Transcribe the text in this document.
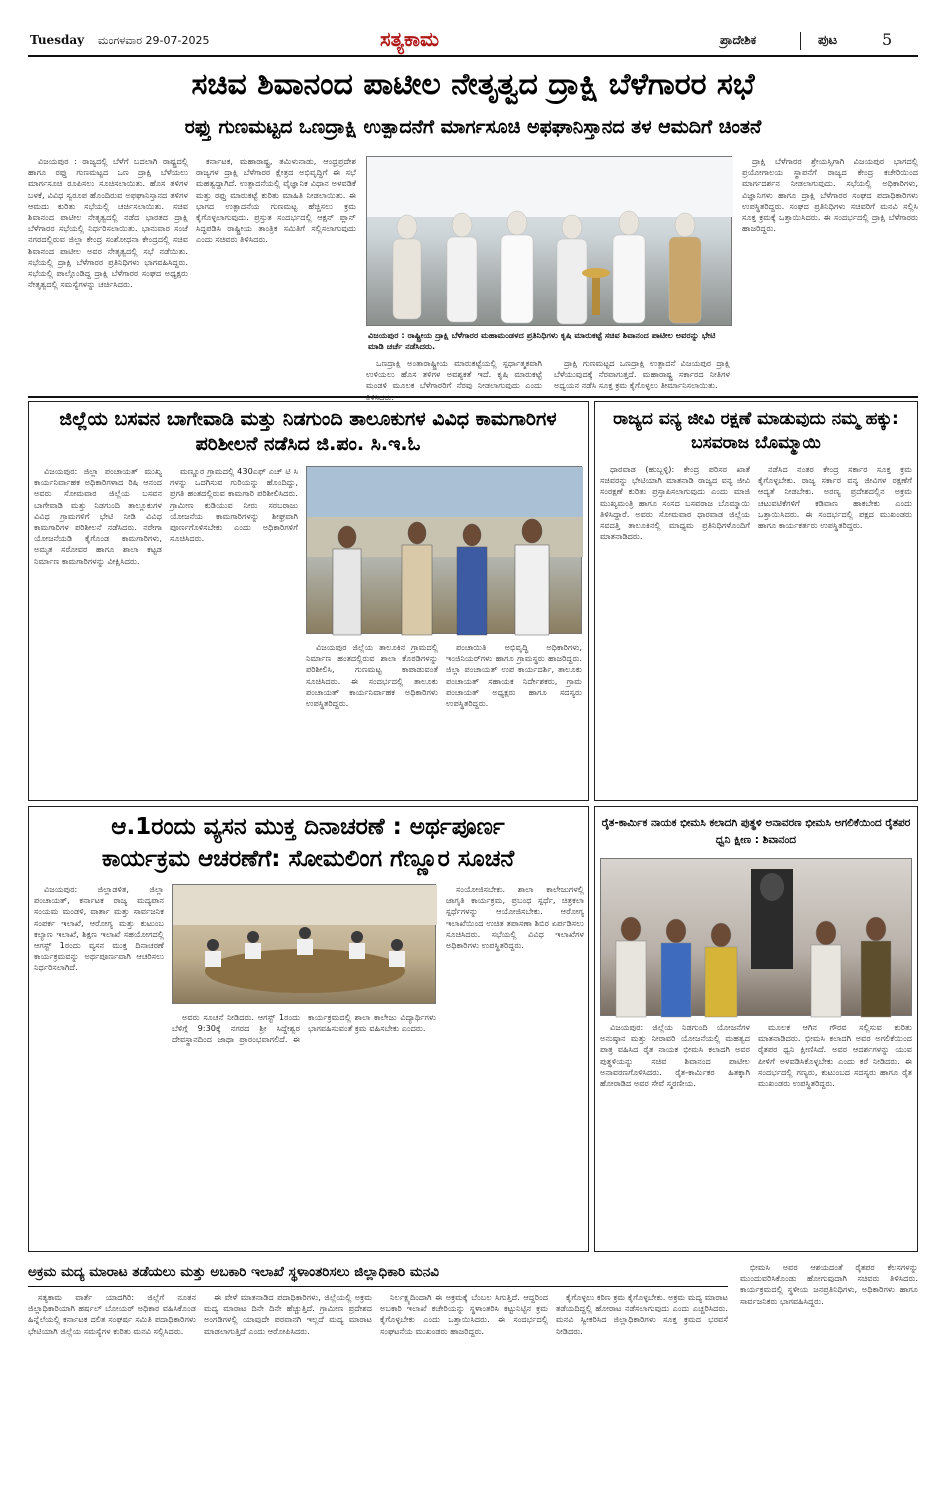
Tuesday ಮಂಗಳವಾರ 29-07-2025	ಸತ್ಯಕಾಮ	ಪ್ರಾದೇಶಿಕ	ಪುಟ	5
ಸಚಿವ ಶಿವಾನಂದ ಪಾಟೀಲ ನೇತೃತ್ವದ ದ್ರಾಕ್ಷಿ ಬೆಳೆಗಾರರ ಸಭೆ
ರಫ್ತು ಗುಣಮಟ್ಟದ ಒಣದ್ರಾಕ್ಷಿ ಉತ್ಪಾದನೆಗೆ ಮಾರ್ಗಸೂಚಿ ಅಫಘಾನಿಸ್ತಾನದ ತಳ ಆಮದಿಗೆ ಚಿಂತನೆ

ವಿಜಯಪುರ : ರಾಜ್ಯದಲ್ಲಿ ಬೆಳೆಗೆ ಬದಲಾಗಿ ರಾಷ್ಟ್ರದಲ್ಲಿ ಹಾಗೂ ರಫ್ತು ಗುಣಮಟ್ಟದ ಒಣ ದ್ರಾಕ್ಷಿ ಬೆಳೆಯಲು ಮಾರ್ಗಸೂಚಿ ರೂಪಿಸಲು ಸೂಚಿಸಲಾಯಿತು. ಹೊಸ ತಳಿಗಳ ಬಳಕೆ, ವಿವಿಧ ಸ್ವರೂಪ ಹೊಂದಿರುವ ಅಫಘಾನಿಸ್ತಾನದ ತಳಿಗಳ ಆಮದು ಕುರಿತು ಸಭೆಯಲ್ಲಿ ಚರ್ಚಿಸಲಾಯಿತು. ಸಚಿವ ಶಿವಾನಂದ ಪಾಟೀಲ ನೇತೃತ್ವದಲ್ಲಿ ನಡೆದ ಭಾರತದ ದ್ರಾಕ್ಷಿ ಬೆಳೆಗಾರರ ಸಭೆಯಲ್ಲಿ ನಿರ್ಧರಿಸಲಾಯಿತು. ಭಾನುವಾರ ಸಂಜೆ ನಗರದಲ್ಲಿರುವ ಜಿಲ್ಲಾ ಕೇಂದ್ರ ಸಂಶೋಧನಾ ಕೇಂದ್ರದಲ್ಲಿ ಸಚಿವ ಶಿವಾನಂದ ಪಾಟೀಲ ಅವರ ನೇತೃತ್ವದಲ್ಲಿ ಸಭೆ ನಡೆಯಿತು. ಸಭೆಯಲ್ಲಿ ದ್ರಾಕ್ಷಿ ಬೆಳೆಗಾರರ ಪ್ರತಿನಿಧಿಗಳು ಭಾಗವಹಿಸಿದ್ದರು. ಸಭೆಯಲ್ಲಿ ಪಾಲ್ಗೊಂಡಿದ್ದ ದ್ರಾಕ್ಷಿ ಬೆಳೆಗಾರರ ಸಂಘದ ಅಧ್ಯಕ್ಷರು ನೇತೃತ್ವದಲ್ಲಿ ಸಮಸ್ಯೆಗಳನ್ನು ಚರ್ಚಿಸಿದರು.

ಕರ್ನಾಟಕ, ಮಹಾರಾಷ್ಟ್ರ, ತಮಿಳುನಾಡು, ಆಂಧ್ರಪ್ರದೇಶ ರಾಜ್ಯಗಳ ದ್ರಾಕ್ಷಿ ಬೆಳೆಗಾರರ ಕ್ಷೇತ್ರದ ಅಭಿವೃದ್ಧಿಗೆ ಈ ಸಭೆ ಮಹತ್ವದ್ದಾಗಿದೆ. ಉತ್ಪಾದನೆಯಲ್ಲಿ ವೈಜ್ಞಾನಿಕ ವಿಧಾನ ಅಳವಡಿಕೆ ಮತ್ತು ರಫ್ತು ಮಾರುಕಟ್ಟೆ ಕುರಿತು ಮಾಹಿತಿ ನೀಡಲಾಯಿತು. ಈ ಭಾಗದ ಉತ್ಪಾದನೆಯ ಗುಣಮಟ್ಟ ಹೆಚ್ಚಿಸಲು ಕ್ರಮ ಕೈಗೊಳ್ಳಲಾಗುವುದು. ಪ್ರಸ್ತುತ ಸಂದರ್ಭದಲ್ಲಿ ಆಕ್ಷನ್ ಪ್ಲಾನ್ ಸಿದ್ಧಪಡಿಸಿ ರಾಷ್ಟ್ರೀಯ ತಾಂತ್ರಿಕ ಸಮಿತಿಗೆ ಸಲ್ಲಿಸಲಾಗುವುದು ಎಂದು ಸಚಿವರು ತಿಳಿಸಿದರು.

ವಿಜಯಪುರ : ರಾಷ್ಟ್ರೀಯ ದ್ರಾಕ್ಷಿ ಬೆಳೆಗಾರರ ಮಹಾಮಂಡಳದ ಪ್ರತಿನಿಧಿಗಳು ಕೃಷಿ ಮಾರುಕಟ್ಟೆ ಸಚಿವ ಶಿವಾನಂದ ಪಾಟೀಲ ಅವರನ್ನು ಭೇಟಿ ಮಾಡಿ ಚರ್ಚೆ ನಡೆಸಿದರು.

ಒಣದ್ರಾಕ್ಷಿ ಅಂತಾರಾಷ್ಟ್ರೀಯ ಮಾರುಕಟ್ಟೆಯಲ್ಲಿ ಸ್ಪರ್ಧಾತ್ಮಕವಾಗಿ ಉಳಿಯಲು ಹೊಸ ತಳಿಗಳ ಅವಶ್ಯಕತೆ ಇದೆ. ಕೃಷಿ ಮಾರುಕಟ್ಟೆ ಮಂಡಳಿ ಮೂಲಕ ಬೆಳೆಗಾರರಿಗೆ ನೆರವು ನೀಡಲಾಗುವುದು ಎಂದು

ದ್ರಾಕ್ಷಿ ಗುಣಮಟ್ಟದ ಒಣದ್ರಾಕ್ಷಿ ಉತ್ಪಾದನೆ ವಿಜಯಪುರ ದ್ರಾಕ್ಷಿ ಬೆಳೆಯುವುದಕ್ಕೆ ನೆರವಾಗುತ್ತದೆ. ಮಹಾರಾಷ್ಟ್ರ ಸರ್ಕಾರದ ನೀತಿಗಳ ಅಧ್ಯಯನ ನಡೆಸಿ ಸೂಕ್ತ ಕ್ರಮ ಕೈಗೊಳ್ಳಲು ತೀರ್ಮಾನಿಸಲಾಯಿತು.

ದ್ರಾಕ್ಷಿ ಬೆಳೆಗಾರರ ಶ್ರೇಯಸ್ಸಿಗಾಗಿ ವಿಜಯಪುರ ಭಾಗದಲ್ಲಿ ಪ್ರಯೋಗಾಲಯ ಸ್ಥಾಪನೆಗೆ ರಾಜ್ಯದ ಕೇಂದ್ರ ಕಚೇರಿಯಿಂದ ಮಾರ್ಗದರ್ಶನ ನೀಡಲಾಗುವುದು. ಸಭೆಯಲ್ಲಿ ಅಧಿಕಾರಿಗಳು, ವಿಜ್ಞಾನಿಗಳು ಹಾಗೂ ದ್ರಾಕ್ಷಿ ಬೆಳೆಗಾರರ ಸಂಘದ ಪದಾಧಿಕಾರಿಗಳು ಉಪಸ್ಥಿತರಿದ್ದರು. ಸಂಘದ ಪ್ರತಿನಿಧಿಗಳು ಸಚಿವರಿಗೆ ಮನವಿ ಸಲ್ಲಿಸಿ ಸೂಕ್ತ ಕ್ರಮಕ್ಕೆ ಒತ್ತಾಯಿಸಿದರು. ಈ ಸಂದರ್ಭದಲ್ಲಿ ದ್ರಾಕ್ಷಿ ಬೆಳೆಗಾರರು ಹಾಜರಿದ್ದರು.

ಜಿಲ್ಲೆಯ ಬಸವನ ಬಾಗೇವಾಡಿ ಮತ್ತು ನಿಡಗುಂದಿ ತಾಲೂಕುಗಳ ವಿವಿಧ ಕಾಮಗಾರಿಗಳ ಪರಿಶೀಲನೆ ನಡೆಸಿದ ಜಿ.ಪಂ. ಸಿ.ಇ.ಓ

ವಿಜಯಪುರ: ಜಿಲ್ಲಾ ಪಂಚಾಯತ್ ಮುಖ್ಯ ಕಾರ್ಯನಿರ್ವಾಹಕ ಅಧಿಕಾರಿಗಳಾದ ರಿಷಿ ಆನಂದ ಅವರು ಸೋಮವಾರ ಜಿಲ್ಲೆಯ ಬಸವನ ಬಾಗೇವಾಡಿ ಮತ್ತು ನಿಡಗುಂದಿ ತಾಲ್ಲೂಕುಗಳ ವಿವಿಧ ಗ್ರಾಮಗಳಿಗೆ ಭೇಟಿ ನೀಡಿ ವಿವಿಧ ಕಾಮಗಾರಿಗಳ ಪರಿಶೀಲನೆ ನಡೆಸಿದರು. ನರೇಗಾ ಯೋಜನೆಯಡಿ ಕೈಗೊಂಡ ಕಾಮಗಾರಿಗಳು, ಅಮೃತ ಸರೋವರ ಹಾಗೂ ಶಾಲಾ ಕಟ್ಟಡ ನಿರ್ಮಾಣ ಕಾಮಗಾರಿಗಳನ್ನು ವೀಕ್ಷಿಸಿದರು.

ಮಣ್ಣೂರ ಗ್ರಾಮದಲ್ಲಿ 430ಎಫ್ ಎಚ್ ಟಿ ಸಿ ಗಳನ್ನು ಒದಗಿಸುವ ಗುರಿಯನ್ನು ಹೊಂದಿದ್ದು, ಪ್ರಗತಿ ಹಂತದಲ್ಲಿರುವ ಕಾಮಗಾರಿ ಪರಿಶೀಲಿಸಿದರು. ಗ್ರಾಮೀಣ ಕುಡಿಯುವ ನೀರು ಸರಬರಾಜು ಯೋಜನೆಯ ಕಾಮಗಾರಿಗಳನ್ನು ಶೀಘ್ರವಾಗಿ ಪೂರ್ಣಗೊಳಿಸಬೇಕು ಎಂದು ಅಧಿಕಾರಿಗಳಿಗೆ ಸೂಚಿಸಿದರು.

ವಿಜಯಪುರ ಜಿಲ್ಲೆಯ ತಾಲೂಕಿನ ಗ್ರಾಮದಲ್ಲಿ ನಿರ್ಮಾಣ ಹಂತದಲ್ಲಿರುವ ಶಾಲಾ ಕೊಠಡಿಗಳನ್ನು ಪರಿಶೀಲಿಸಿ, ಗುಣಮಟ್ಟ ಕಾಪಾಡುವಂತೆ ಸೂಚಿಸಿದರು. ಈ ಸಂದರ್ಭದಲ್ಲಿ ತಾಲೂಕು ಪಂಚಾಯತ್ ಕಾರ್ಯನಿರ್ವಾಹಕ ಅಧಿಕಾರಿಗಳು ಉಪಸ್ಥಿತರಿದ್ದರು.

ಪಂಚಾಯಿತಿ ಅಭಿವೃದ್ಧಿ ಅಧಿಕಾರಿಗಳು, ಇಂಜಿನಿಯರ್‌ಗಳು ಹಾಗೂ ಗ್ರಾಮಸ್ಥರು ಹಾಜರಿದ್ದರು. ಜಿಲ್ಲಾ ಪಂಚಾಯತ್ ಉಪ ಕಾರ್ಯದರ್ಶಿ, ತಾಲೂಕು ಪಂಚಾಯತ್ ಸಹಾಯಕ ನಿರ್ದೇಶಕರು, ಗ್ರಾಮ ಪಂಚಾಯತ್ ಅಧ್ಯಕ್ಷರು ಹಾಗೂ ಸದಸ್ಯರು ಉಪಸ್ಥಿತರಿದ್ದರು.

ರಾಜ್ಯದ ವನ್ಯ ಜೀವಿ ರಕ್ಷಣೆ ಮಾಡುವುದು ನಮ್ಮ ಹಕ್ಕು: ಬಸವರಾಜ ಬೊಮ್ಮಾಯಿ

ಧಾರವಾಡ (ಹುಬ್ಬಳ್ಳಿ): ಕೇಂದ್ರ ಪರಿಸರ ಖಾತೆ ಸಚಿವರನ್ನು ಭೇಟಿಯಾಗಿ ಮಾತನಾಡಿ ರಾಜ್ಯದ ವನ್ಯ ಜೀವಿ ಸಂರಕ್ಷಣೆ ಕುರಿತು ಪ್ರಸ್ತಾಪಿಸಲಾಗುವುದು ಎಂದು ಮಾಜಿ ಮುಖ್ಯಮಂತ್ರಿ ಹಾಗೂ ಸಂಸದ ಬಸವರಾಜ ಬೊಮ್ಮಾಯಿ ತಿಳಿಸಿದ್ದಾರೆ. ಅವರು ಸೋಮವಾರ ಧಾರವಾಡ ಜಿಲ್ಲೆಯ ಸವದತ್ತಿ ತಾಲೂಕಿನಲ್ಲಿ ಮಾಧ್ಯಮ ಪ್ರತಿನಿಧಿಗಳೊಂದಿಗೆ ಮಾತನಾಡಿದರು.

ನಡೆಸಿದ ನಂತರ ಕೇಂದ್ರ ಸರ್ಕಾರ ಸೂಕ್ತ ಕ್ರಮ ಕೈಗೊಳ್ಳಬೇಕು. ರಾಜ್ಯ ಸರ್ಕಾರ ವನ್ಯ ಜೀವಿಗಳ ರಕ್ಷಣೆಗೆ ಆದ್ಯತೆ ನೀಡಬೇಕು. ಅರಣ್ಯ ಪ್ರದೇಶದಲ್ಲಿನ ಅಕ್ರಮ ಚಟುವಟಿಕೆಗಳಿಗೆ ಕಡಿವಾಣ ಹಾಕಬೇಕು ಎಂದು ಒತ್ತಾಯಿಸಿದರು. ಈ ಸಂದರ್ಭದಲ್ಲಿ ಪಕ್ಷದ ಮುಖಂಡರು ಹಾಗೂ ಕಾರ್ಯಕರ್ತರು ಉಪಸ್ಥಿತರಿದ್ದರು.

ಆ.1ರಂದು ವ್ಯಸನ ಮುಕ್ತ ದಿನಾಚರಣೆ : ಅರ್ಥಪೂರ್ಣ
ಕಾರ್ಯಕ್ರಮ ಆಚರಣೆಗೆ: ಸೋಮಲಿಂಗ ಗೆಣ್ಣೂರ ಸೂಚನೆ

ವಿಜಯಪುರ: ಜಿಲ್ಲಾಡಳಿತ, ಜಿಲ್ಲಾ ಪಂಚಾಯತ್, ಕರ್ನಾಟಕ ರಾಜ್ಯ ಮದ್ಯಪಾನ ಸಂಯಮ ಮಂಡಳಿ, ವಾರ್ತಾ ಮತ್ತು ಸಾರ್ವಜನಿಕ ಸಂಪರ್ಕ ಇಲಾಖೆ, ಆರೋಗ್ಯ ಮತ್ತು ಕುಟುಂಬ ಕಲ್ಯಾಣ ಇಲಾಖೆ, ಶಿಕ್ಷಣ ಇಲಾಖೆ ಸಹಯೋಗದಲ್ಲಿ ಆಗಸ್ಟ್ 1ರಂದು ವ್ಯಸನ ಮುಕ್ತ ದಿನಾಚರಣೆ ಕಾರ್ಯಕ್ರಮವನ್ನು ಅರ್ಥಪೂರ್ಣವಾಗಿ ಆಚರಿಸಲು ನಿರ್ಧರಿಸಲಾಗಿದೆ.

ಸಂಯೋಜಿಸಬೇಕು. ಶಾಲಾ ಕಾಲೇಜುಗಳಲ್ಲಿ ಜಾಗೃತಿ ಕಾರ್ಯಕ್ರಮ, ಪ್ರಬಂಧ ಸ್ಪರ್ಧೆ, ಚಿತ್ರಕಲಾ ಸ್ಪರ್ಧೆಗಳನ್ನು ಆಯೋಜಿಸಬೇಕು. ಆರೋಗ್ಯ ಇಲಾಖೆಯಿಂದ ಉಚಿತ ತಪಾಸಣಾ ಶಿಬಿರ ಏರ್ಪಡಿಸಲು ಸೂಚಿಸಿದರು. ಸಭೆಯಲ್ಲಿ ವಿವಿಧ ಇಲಾಖೆಗಳ ಅಧಿಕಾರಿಗಳು ಉಪಸ್ಥಿತರಿದ್ದರು.

ಅವರು ಸೂಚನೆ ನೀಡಿದರು. ಆಗಸ್ಟ್ 1ರಂದು ಬೆಳಿಗ್ಗೆ 9:30ಕ್ಕೆ ನಗರದ ಶ್ರೀ ಸಿದ್ದೇಶ್ವರ ದೇವಸ್ಥಾನದಿಂದ ಜಾಥಾ ಪ್ರಾರಂಭವಾಗಲಿದೆ. ಈ ಕಾರ್ಯಕ್ರಮದಲ್ಲಿ ಶಾಲಾ ಕಾಲೇಜು ವಿದ್ಯಾರ್ಥಿಗಳು ಭಾಗವಹಿಸುವಂತೆ ಕ್ರಮ ವಹಿಸಬೇಕು ಎಂದರು.

ರೈತ-ಕಾರ್ಮಿಕ ನಾಯಕ ಭೀಮಸಿ ಕಲಾದಗಿ ಪುತ್ಥಳಿ ಅನಾವರಣ ಭೀಮಸಿ ಅಗಲಿಕೆಯಿಂದ ರೈತಪರ ಧ್ವನಿ ಕ್ಷೀಣ : ಶಿವಾನಂದ

ವಿಜಯಪುರ: ಜಿಲ್ಲೆಯ ನಿಡಗುಂದಿ ಯೋಜನೆಗಳ ಅನುಷ್ಠಾನ ಮತ್ತು ನೀರಾವರಿ ಯೋಜನೆಯಲ್ಲಿ ಮಹತ್ವದ ಪಾತ್ರ ವಹಿಸಿದ ರೈತ ನಾಯಕ ಭೀಮಸಿ ಕಲಾದಗಿ ಅವರ ಪುತ್ಥಳಿಯನ್ನು ಸಚಿವ ಶಿವಾನಂದ ಪಾಟೀಲ ಅನಾವರಣಗೊಳಿಸಿದರು. ರೈತ-ಕಾರ್ಮಿಕರ ಹಿತಕ್ಕಾಗಿ ಹೋರಾಡಿದ ಅವರ ಸೇವೆ ಸ್ಮರಣೀಯ.

ಮೂಲಕ ಆಗಿನ ಗೌರವ ಸಲ್ಲಿಸುವ ಕುರಿತು ಮಾತನಾಡಿದರು. ಭೀಮಸಿ ಕಲಾದಗಿ ಅವರ ಅಗಲಿಕೆಯಿಂದ ರೈತಪರ ಧ್ವನಿ ಕ್ಷೀಣಿಸಿದೆ. ಅವರ ಆದರ್ಶಗಳನ್ನು ಯುವ ಪೀಳಿಗೆ ಅಳವಡಿಸಿಕೊಳ್ಳಬೇಕು ಎಂದು ಕರೆ ನೀಡಿದರು. ಈ ಸಂದರ್ಭದಲ್ಲಿ ಗಣ್ಯರು, ಕುಟುಂಬದ ಸದಸ್ಯರು ಹಾಗೂ ರೈತ ಮುಖಂಡರು ಉಪಸ್ಥಿತರಿದ್ದರು.

ಅಕ್ರಮ ಮದ್ಯ ಮಾರಾಟ ತಡೆಯಲು ಮತ್ತು ಅಬಕಾರಿ ಇಲಾಖೆ ಸ್ಥಳಾಂತರಿಸಲು ಜಿಲ್ಲಾಧಿಕಾರಿ ಮನವಿ

ಸತ್ಯಕಾಮ ವಾರ್ತೆ ಯಾದಗಿರಿ: ಜಿಲ್ಲೆಗೆ ನೂತನ ಜಿಲ್ಲಾಧಿಕಾರಿಯಾಗಿ ಹರ್ಷಲ್ ಬೋಯರ್ ಅಧಿಕಾರ ವಹಿಸಿಕೊಂಡ ಹಿನ್ನೆಲೆಯಲ್ಲಿ ಕರ್ನಾಟಕ ದಲಿತ ಸಂಘರ್ಷ ಸಮಿತಿ ಪದಾಧಿಕಾರಿಗಳು ಭೇಟಿಯಾಗಿ ಜಿಲ್ಲೆಯ ಸಮಸ್ಯೆಗಳ ಕುರಿತು ಮನವಿ ಸಲ್ಲಿಸಿದರು.

ಈ ವೇಳೆ ಮಾತನಾಡಿದ ಪದಾಧಿಕಾರಿಗಳು, ಜಿಲ್ಲೆಯಲ್ಲಿ ಅಕ್ರಮ ಮದ್ಯ ಮಾರಾಟ ದಿನೇ ದಿನೇ ಹೆಚ್ಚುತ್ತಿದೆ. ಗ್ರಾಮೀಣ ಪ್ರದೇಶದ ಅಂಗಡಿಗಳಲ್ಲಿ ಯಾವುದೇ ಪರವಾನಗಿ ಇಲ್ಲದೆ ಮದ್ಯ ಮಾರಾಟ ಮಾಡಲಾಗುತ್ತಿದೆ ಎಂದು ಆರೋಪಿಸಿದರು.

ನಿರ್ಲಕ್ಷ್ಯದಿಂದಾಗಿ ಈ ಅಕ್ರಮಕ್ಕೆ ಬೆಂಬಲ ಸಿಗುತ್ತಿದೆ. ಆದ್ದರಿಂದ ಅಬಕಾರಿ ಇಲಾಖೆ ಕಚೇರಿಯನ್ನು ಸ್ಥಳಾಂತರಿಸಿ ಕಟ್ಟುನಿಟ್ಟಿನ ಕ್ರಮ ಕೈಗೊಳ್ಳಬೇಕು ಎಂದು ಒತ್ತಾಯಿಸಿದರು. ಈ ಸಂದರ್ಭದಲ್ಲಿ ಸಂಘಟನೆಯ ಮುಖಂಡರು ಹಾಜರಿದ್ದರು.

ಕೈಗೊಳ್ಳಲು ಕಠಿಣ ಕ್ರಮ ಕೈಗೊಳ್ಳಬೇಕು. ಅಕ್ರಮ ಮದ್ಯ ಮಾರಾಟ ತಡೆಯದಿದ್ದಲ್ಲಿ ಹೋರಾಟ ನಡೆಸಲಾಗುವುದು ಎಂದು ಎಚ್ಚರಿಸಿದರು. ಮನವಿ ಸ್ವೀಕರಿಸಿದ ಜಿಲ್ಲಾಧಿಕಾರಿಗಳು ಸೂಕ್ತ ಕ್ರಮದ ಭರವಸೆ ನೀಡಿದರು.

ಭೀಮಸಿ ಅವರ ಆಶಯದಂತೆ ರೈತಪರ ಕೆಲಸಗಳನ್ನು ಮುಂದುವರಿಸಿಕೊಂಡು ಹೋಗುವುದಾಗಿ ಸಚಿವರು ತಿಳಿಸಿದರು. ಕಾರ್ಯಕ್ರಮದಲ್ಲಿ ಸ್ಥಳೀಯ ಜನಪ್ರತಿನಿಧಿಗಳು, ಅಧಿಕಾರಿಗಳು ಹಾಗೂ ಸಾರ್ವಜನಿಕರು ಭಾಗವಹಿಸಿದ್ದರು.
